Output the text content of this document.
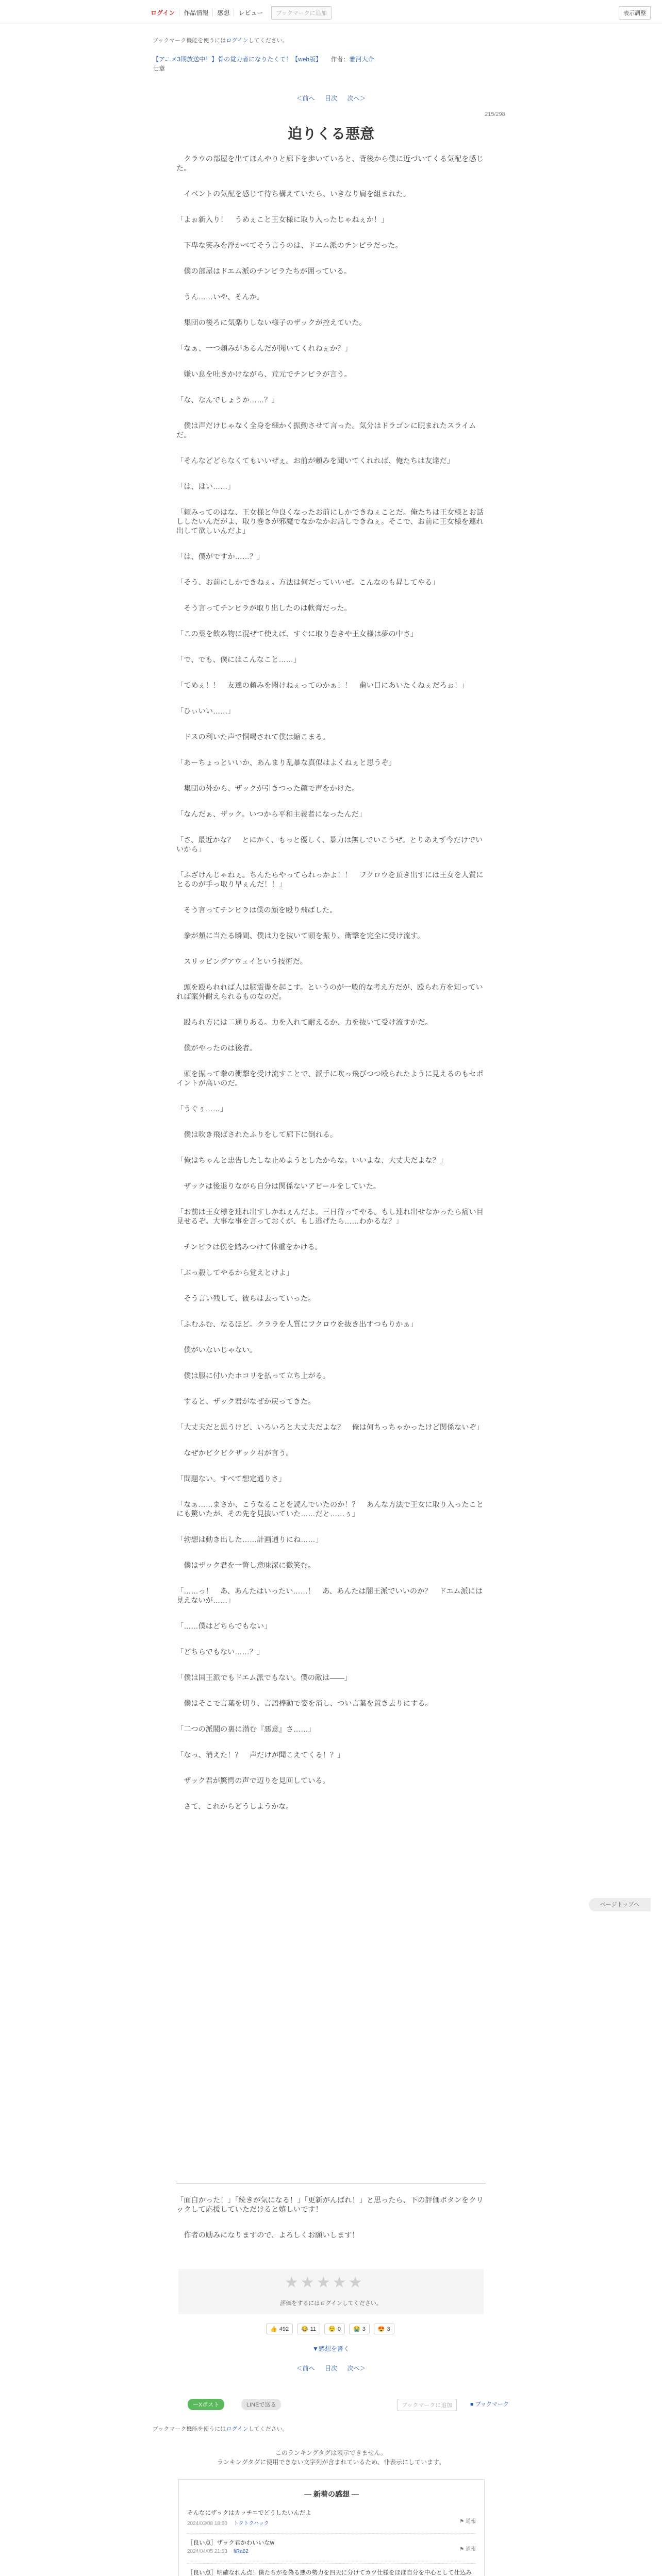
ログイン	作品情報	感想	レビュー	ブックマークに追加	表示調整
ブックマーク機能を使うにはログインしてください。
【アニメ3期放送中！】骨の覚力者になりたくて！【web版】 作者：雅河大介
七章
＜前へ 目次 次へ＞
215/298
迫りくる悪意

　クラウの部屋を出てほんやりと廊下を歩いていると、背後から僕に近づいてくる気配を感じた。

　イベントの気配を感じて待ち構えていたら、いきなり肩を組まれた。

「よぉ新入り！　うめぇこと王女様に取り入ったじゃねぇか！」

　下卑な笑みを浮かべてそう言うのは、ドエム派のチンピラだった。

　僕の部屋はドエム派のチンピラたちが囲っている。

　うん……いや、そんか。

　集団の後ろに気楽りしない様子のザックが控えていた。

「なぁ、一つ頼みがあるんだが聞いてくれねぇか？」

　嫌い息を吐きかけながら、荒元でチンピラが言う。

「な、なんでしょうか……？」

　僕は声だけじゃなく全身を細かく振動させて言った。気分はドラゴンに睨まれたスライムだ。

「そんなどどらなくてもいいぜぇ。お前が頼みを聞いてくれれば、俺たちは友達だ」

「は、はい……」

「頼みってのはな、王女様と仲良くなったお前にしかできねぇことだ。俺たちは王女様とお話ししたいんだがよ、取り巻きが邪魔でなかなかお話しできねぇ。そこで、お前に王女様を連れ出して欲しいんだよ」

「は、僕がですか……？」

「そう、お前にしかできねぇ。方法は何だっていいぜ。こんなのも昇してやる」

　そう言ってチンピラが取り出したのは軟膏だった。

「この薬を飲み物に混ぜて使えば、すぐに取り巻きや王女様は夢の中さ」

「で、でも、僕にはこんなこと……」

「てめぇ！！　友達の頼みを聞けねぇってのかぁ！！　歯い目にあいたくねぇだろぉ！」

「ひぃいい……」

　ドスの利いた声で恫喝されて僕は縮こまる。

「あーちょっといいか、あんまり乱暴な真似はよくねぇと思うぞ」

　集団の外から、ザックが引きつった顔で声をかけた。

「なんだぁ、ザック。いつから平和主義者になったんだ」

「さ、最近かな？　とにかく、もっと優しく、暴力は無しでいこうぜ。とりあえず今だけでいいから」

「ふざけんじゃねぇ。ちんたらやってられっかよ！！　フクロウを頂き出すには王女を人質にとるのが手っ取り早ぇんだ！！」

　そう言ってチンピラは僕の顔を殴り飛ばした。

　拳が頬に当たる瞬間、僕は力を抜いて頭を振り、衝撃を完全に受け流す。

　スリッピングアウェイという技術だ。

　頭を殴られれば人は脳震盪を起こす。というのが一般的な考え方だが、殴られ方を知っていれば案外耐えられるものなのだ。

　殴られ方には二通りある。力を入れて耐えるか、力を抜いて受け流すかだ。

　僕がやったのは後者。

　頭を振って拳の衝撃を受け流すことで、派手に吹っ飛びつつ殴られたように見えるのもセポイントが高いのだ。

「うぐぅ……」

　僕は吹き飛ばされたふりをして廊下に倒れる。

「俺はちゃんと忠告したしな止めようとしたからな。いいよな、大丈夫だよな？」

　ザックは後退りながら自分は関係ないアピールをしていた。

「お前は王女様を連れ出すしかねぇんだよ。三日待ってやる。もし連れ出せなかったら痛い目見せるぞ。大事な事を言っておくが、もし逃げたら……わかるな？」

　チンピラは僕を踏みつけて体重をかける。

「ぶっ殺してやるから覚えとけよ」

　そう言い残して、彼らは去っていった。

「ふむふむ、なるほど。クララを人質にフクロウを抜き出すつもりかぁ」

　僕がいないじゃない。

　僕は服に付いたホコリを払って立ち上がる。

　すると、ザック君がなぜか戻ってきた。

「大丈夫だと思うけど、いろいろと大丈夫だよな？　俺は何ちっちゃかったけど関係ないぞ」

　なぜかビクビクザック君が言う。

「問題ない。すべて想定通りさ」

「なぁ……まさか、こうなることを読んでいたのか！？　あんな方法で王女に取り入ったことにも驚いたが、その先を見抜いていた……だと……ぅ」

「勃想は動き出した……計画通りにね……」

　僕はザック君を一瞥し意味深に微笑む。

「……っ！　あ、あんたはいったい……！　あ、あんたは闇王派でいいのか？　ドエム派には見えないが……」

「……僕はどちらでもない」

「どちらでもない……？」

「僕は国王派でもドエム派でもない。僕の敵は――」

　僕はそこで言葉を切り、言語捧動で姿を消し、つい言葉を置き去りにする。

「二つの派閥の裏に潜む『悪意』さ……」

「なっ、消えた！？　声だけが聞こえてくる！？」

　ザック君が驚愕の声で辺りを見回している。

　さて、これからどうしようかな。

「面白かった！」「続きが気になる！」「更新がんばれ！」と思ったら、下の評価ボタンをクリックして応援していただけると嬉しいです！

　作者の励みになりますので、よろしくお願いします！

★ ★ ★ ★ ★
評価をするにはログインしてください。
👍 492 😂 11 😲 0 😭 3 😍 3
▼感想を書く
＜前へ 目次 次へ＞
ーXポスト	LINEで送る	ブックマークに追加	■ ブックマーク
ブックマーク機能を使うにはログインしてください。
このランキングタグは表示できません。
ランキングタグに使用できない文字列が含まれているため、非表示にしています。
— 新着の感想 —
そんなにザックはカッチエでどうしたいんだよ
2024/03/08 18:50 トクトクハック	⚑ 通報
［良い点］ザック君かわいいなw
2024/04/05 21:53 fiRa62	⚑ 通報
［良い点］明確なれん点！僕たちがを偽る悪の勢力を四天に分けてカツ仕様をほぼ自分を中心として仕込み
ページトップへ
